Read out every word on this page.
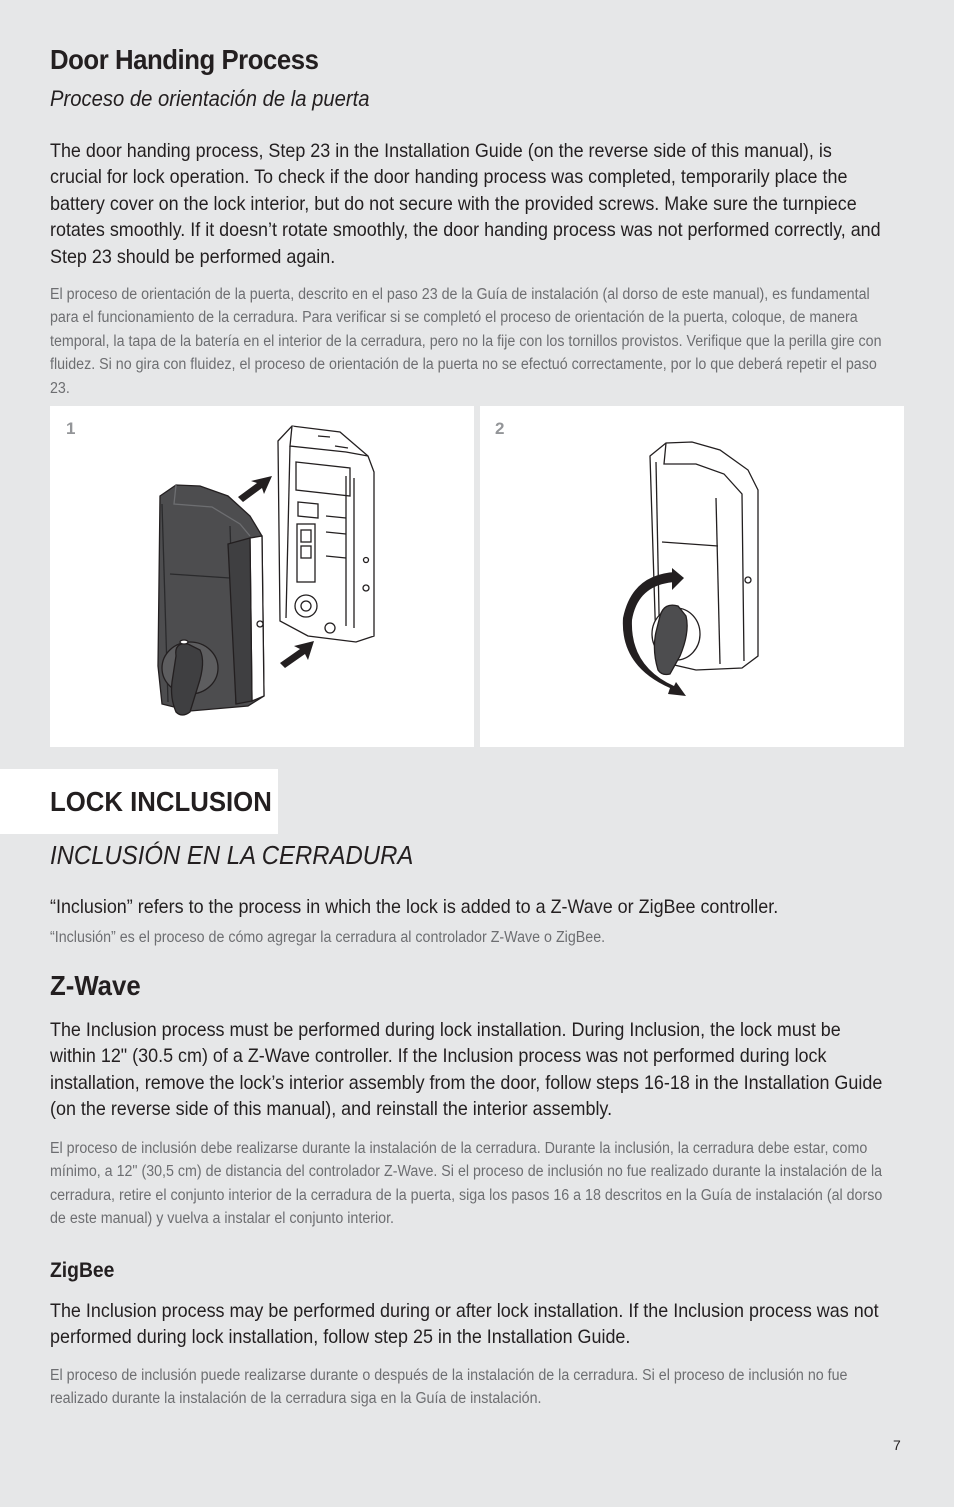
Door Handing Process
Proceso de orientación de la puerta
The door handing process, Step 23 in the Installation Guide (on the reverse side of this manual), is crucial for lock operation. To check if the door handing process was completed, temporarily place the battery cover on the lock interior, but do not secure with the provided screws. Make sure the turnpiece rotates smoothly. If it doesn’t rotate smoothly, the door handing process was not performed correctly, and Step 23 should be performed again.
El proceso de orientación de la puerta, descrito en el paso 23 de la Guía de instalación (al dorso de este manual), es fundamental para el funcionamiento de la cerradura. Para verificar si se completó el proceso de orientación de la puerta, coloque, de manera temporal, la tapa de la batería en el interior de la cerradura, pero no la fije con los tornillos provistos. Verifique que la perilla gire con fluidez. Si no gira con fluidez, el proceso de orientación de la puerta no se efectuó correctamente, por lo que deberá repetir el paso 23.
1	2
LOCK INCLUSION
INCLUSIÓN EN LA CERRADURA
“Inclusion” refers to the process in which the lock is added to a Z-Wave or ZigBee controller.
“Inclusión” es el proceso de cómo agregar la cerradura al controlador Z-Wave o ZigBee.
Z-Wave
The Inclusion process must be performed during lock installation. During Inclusion, the lock must be within 12" (30.5 cm) of a Z-Wave controller. If the Inclusion process was not performed during lock installation, remove the lock’s interior assembly from the door, follow steps 16-18 in the Installation Guide (on the reverse side of this manual), and reinstall the interior assembly.
El proceso de inclusión debe realizarse durante la instalación de la cerradura. Durante la inclusión, la cerradura debe estar, como mínimo, a 12" (30,5 cm) de distancia del controlador Z-Wave. Si el proceso de inclusión no fue realizado durante la instalación de la cerradura, retire el conjunto interior de la cerradura de la puerta, siga los pasos 16 a 18 descritos en la Guía de instalación (al dorso de este manual) y vuelva a instalar el conjunto interior.
ZigBee
The Inclusion process may be performed during or after lock installation. If the Inclusion process was not performed during lock installation, follow step 25 in the Installation Guide.
El proceso de inclusión puede realizarse durante o después de la instalación de la cerradura. Si el proceso de inclusión no fue realizado durante la instalación de la cerradura siga en la Guía de instalación.
7
